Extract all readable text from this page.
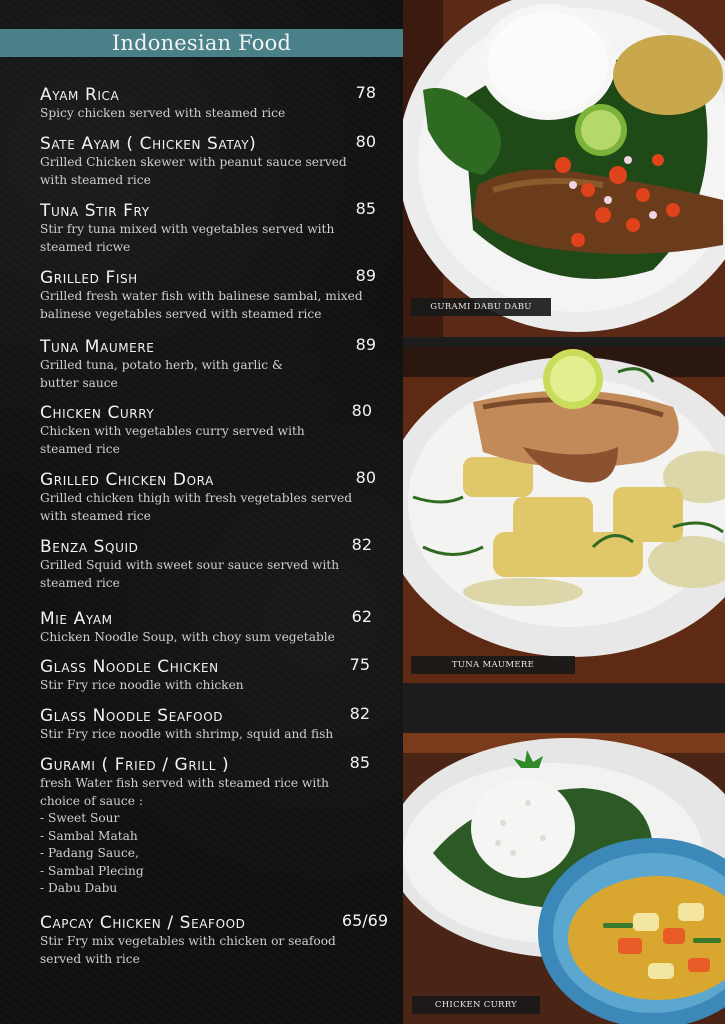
Indonesian Food
Ayam Rica	78
Spicy chicken served with steamed rice
Sate Ayam ( Chicken Satay)	80
Grilled Chicken skewer with peanut sauce served with steamed rice
Tuna Stir Fry	85
Stir fry tuna mixed with vegetables served with steamed ricwe
Grilled Fish	89
Grilled fresh water fish with balinese sambal, mixed balinese vegetables served with steamed rice
Tuna Maumere	89
Grilled tuna, potato herb, with garlic & butter sauce
Chicken Curry	80
Chicken with vegetables curry served with steamed rice
Grilled Chicken Dora	80
Grilled chicken thigh with fresh vegetables served with steamed rice
Benza Squid	82
Grilled Squid with sweet sour sauce served with steamed rice
Mie Ayam	62
Chicken Noodle Soup, with choy sum vegetable
Glass Noodle Chicken	75
Stir Fry rice noodle with chicken
Glass Noodle Seafood	82
Stir Fry rice noodle with shrimp, squid and fish
Gurami ( Fried / Grill )	85
fresh Water fish served with steamed rice with choice of sauce :
- Sweet Sour
- Sambal Matah
- Padang Sauce,
- Sambal Plecing
- Dabu Dabu
Capcay Chicken / Seafood	65/69
Stir Fry mix vegetables with chicken or seafood served with rice
GURAMI DABU DABU
TUNA MAUMERE
CHICKEN CURRY
